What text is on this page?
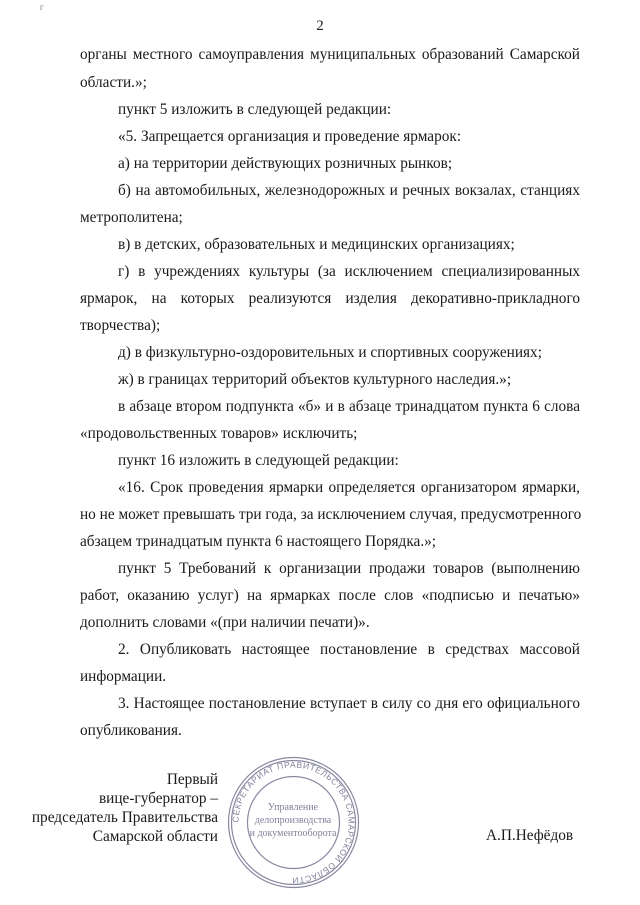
г
2
органы местного самоуправления муниципальных образований Самарской
области.»;
пункт 5 изложить в следующей редакции:
«5. Запрещается организация и проведение ярмарок:
а) на территории действующих розничных рынков;
б) на автомобильных, железнодорожных и речных вокзалах, станциях
метрополитена;
в) в детских, образовательных и медицинских организациях;
г) в учреждениях культуры (за исключением специализированных
ярмарок, на которых реализуются изделия декоративно-прикладного
творчества);
д) в физкультурно-оздоровительных и спортивных сооружениях;
ж) в границах территорий объектов культурного наследия.»;
в абзаце втором подпункта «б» и в абзаце тринадцатом пункта 6 слова
«продовольственных товаров» исключить;
пункт 16 изложить в следующей редакции:
«16. Срок проведения ярмарки определяется организатором ярмарки,
но не может превышать три года, за исключением случая, предусмотренного
абзацем тринадцатым пункта 6 настоящего Порядка.»;
пункт 5 Требований к организации продажи товаров (выполнению
работ, оказанию услуг) на ярмарках после слов «подписью и печатью»
дополнить словами «(при наличии печати)».
2. Опубликовать настоящее постановление в средствах массовой
информации.
3. Настоящее постановление вступает в силу со дня его официального
опубликования.
СЕКРЕТАРИАТ ПРАВИТЕЛЬСТВА САМАРСКОЙ ОБЛАСТИ
Управление
делопроизводства
и документооборота
Первый
вице-губернатор –
председатель Правительства
Самарской области	А.П.Нефёдов
